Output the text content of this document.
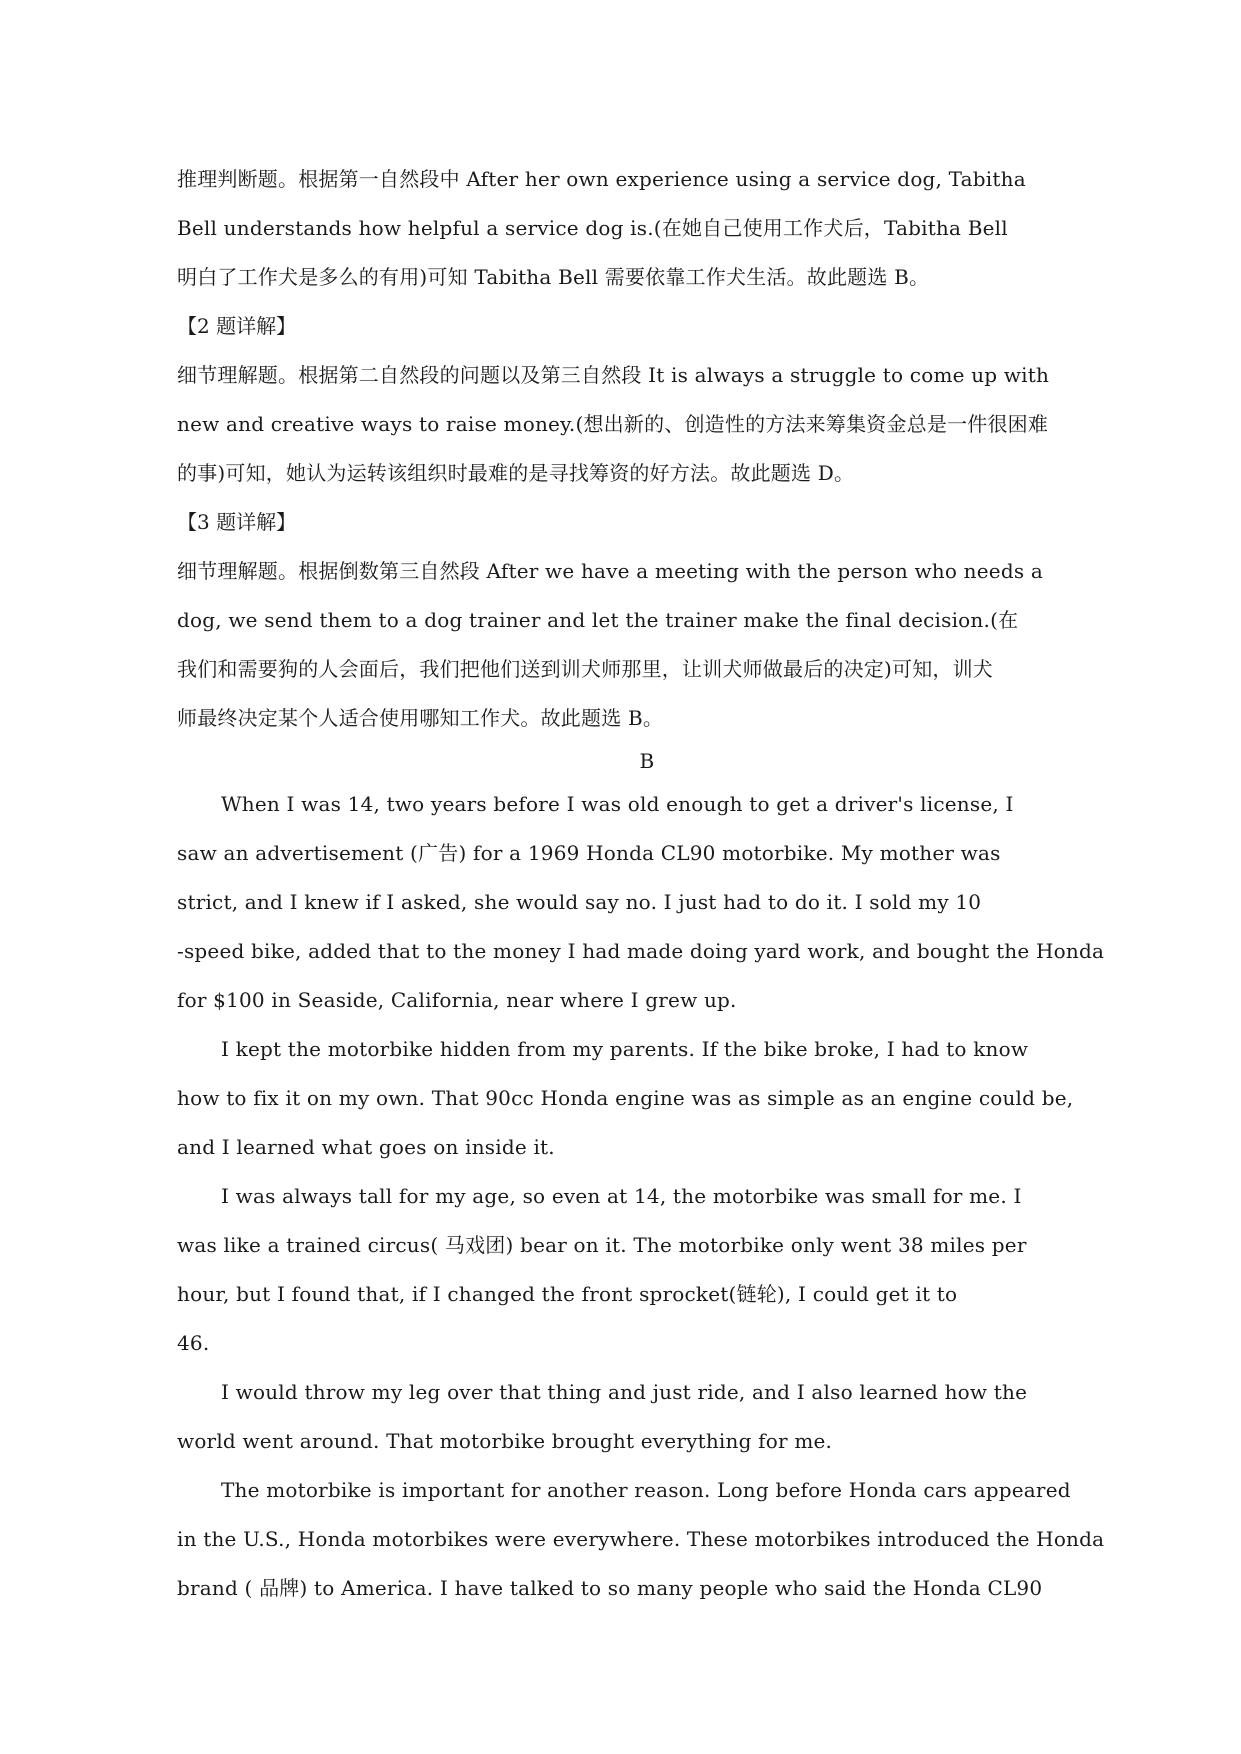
推理判断题。根据第一自然段中 After her own experience using a service dog, Tabitha
Bell understands how helpful a service dog is.(在她自己使用工作犬后，Tabitha Bell
明白了工作犬是多么的有用)可知 Tabitha Bell 需要依靠工作犬生活。故此题选 B。
【2 题详解】
细节理解题。根据第二自然段的问题以及第三自然段 It is always a struggle to come up with
new and creative ways to raise money.(想出新的、创造性的方法来筹集资金总是一件很困难
的事)可知，她认为运转该组织时最难的是寻找筹资的好方法。故此题选 D。
【3 题详解】
细节理解题。根据倒数第三自然段 After we have a meeting with the person who needs a
dog, we send them to a dog trainer and let the trainer make the final decision.(在
我们和需要狗的人会面后，我们把他们送到训犬师那里，让训犬师做最后的决定)可知，训犬
师最终决定某个人适合使用哪知工作犬。故此题选 B。
B
When I was 14, two years before I was old enough to get a driver's license, I
saw an advertisement (广告) for a 1969 Honda CL90 motorbike. My mother was
strict, and I knew if I asked, she would say no. I just had to do it. I sold my 10
-speed bike, added that to the money I had made doing yard work, and bought the Honda
for $100 in Seaside, California, near where I grew up.
I kept the motorbike hidden from my parents. If the bike broke, I had to know
how to fix it on my own. That 90cc Honda engine was as simple as an engine could be,
and I learned what goes on inside it.
I was always tall for my age, so even at 14, the motorbike was small for me. I
was like a trained circus( 马戏团) bear on it. The motorbike only went 38 miles per
hour, but I found that, if I changed the front sprocket(链轮), I could get it to
46.
I would throw my leg over that thing and just ride, and I also learned how the
world went around. That motorbike brought everything for me.
The motorbike is important for another reason. Long before Honda cars appeared
in the U.S., Honda motorbikes were everywhere. These motorbikes introduced the Honda
brand ( 品牌) to America. I have talked to so many people who said the Honda CL90
